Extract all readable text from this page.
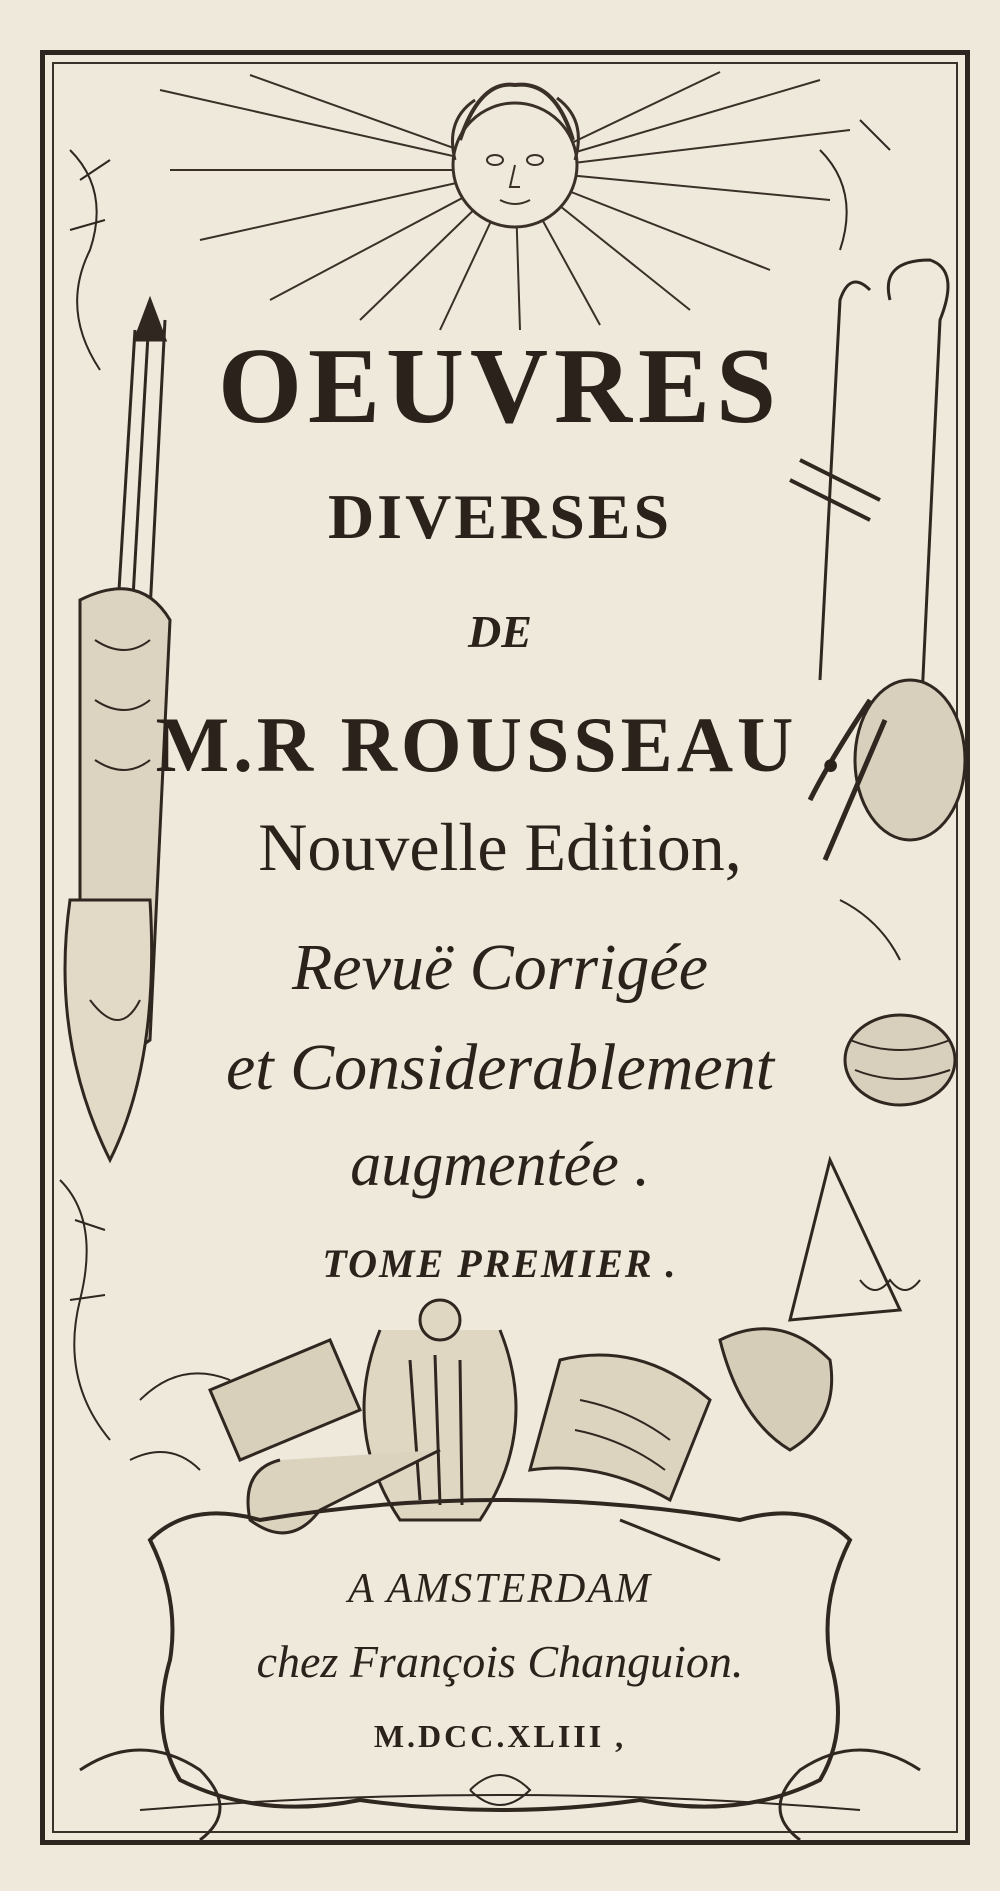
OEUVRES
DIVERSES
DE
M.R ROUSSEAU .
Nouvelle Edition,
Revuë Corrigée
et Considerablement
augmentée .
TOME PREMIER .
A AMSTERDAM
chez François Changuion.
M.DCC.XLIII ,
